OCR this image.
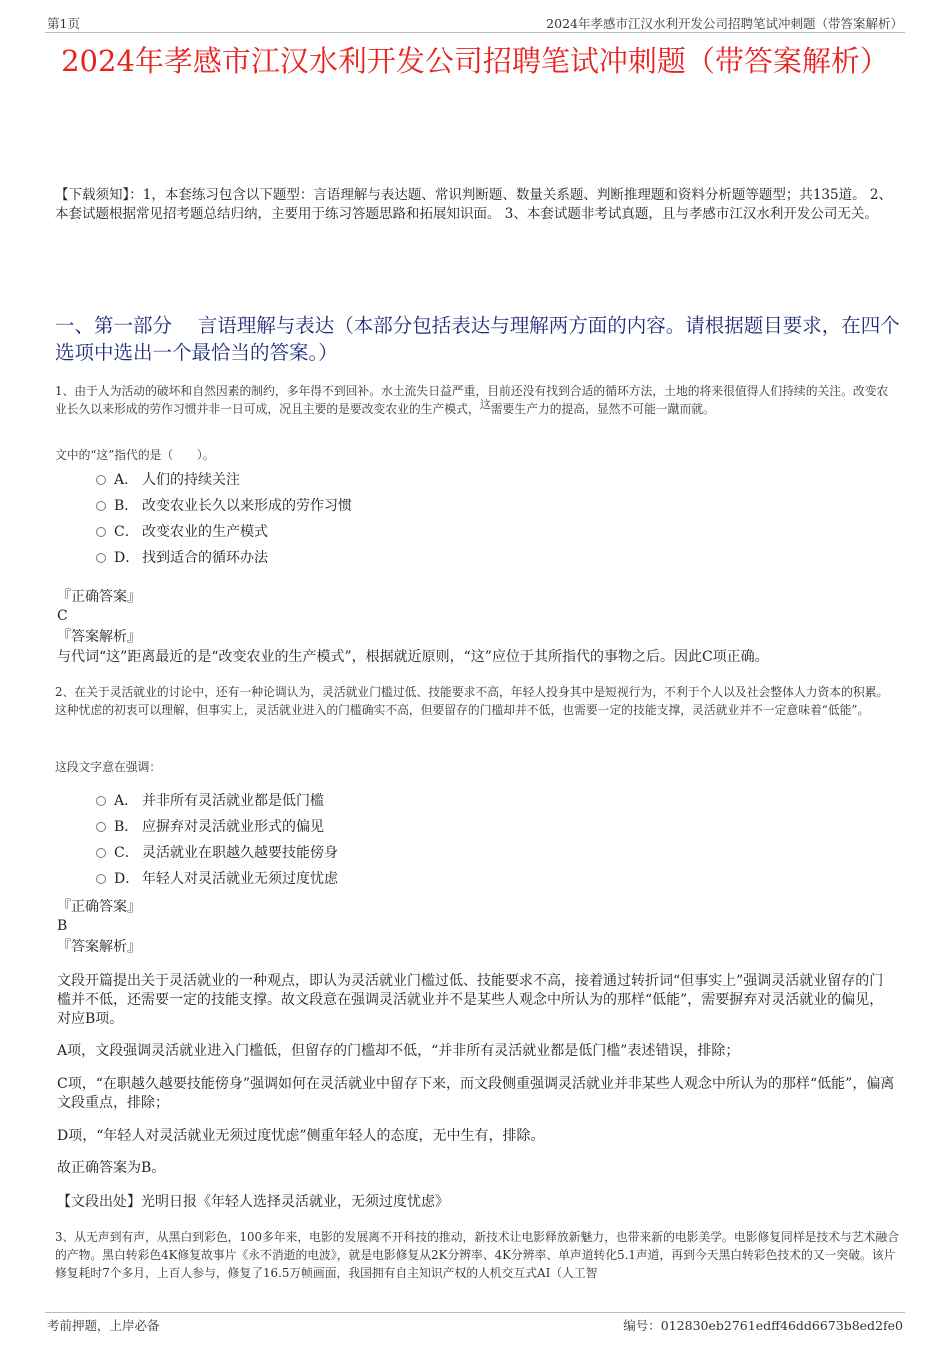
第1页	2024年孝感市江汉水利开发公司招聘笔试冲刺题（带答案解析）
2024年孝感市江汉水利开发公司招聘笔试冲刺题（带答案解析）
【下载须知】：1，本套练习包含以下题型：言语理解与表达题、常识判断题、数量关系题、判断推理题和资料分析题等题型；共135道。 2、本套试题根据常见招考题总结归纳，主要用于练习答题思路和拓展知识面。 3、本套试题非考试真题，且与孝感市江汉水利开发公司无关。
一、第一部分　 言语理解与表达（本部分包括表达与理解两方面的内容。请根据题目要求，在四个选项中选出一个最恰当的答案。）
1、由于人为活动的破坏和自然因素的制约，多年得不到回补。水土流失日益严重，目前还没有找到合适的循环方法，土地的将来很值得人们持续的关注。改变农业长久以来形成的劳作习惯并非一日可成，况且主要的是要改变农业的生产模式，这需要生产力的提高，显然不可能一蹴而就。
文中的“这”指代的是（　　）。
A． 人们的持续关注
B． 改变农业长久以来形成的劳作习惯
C． 改变农业的生产模式
D． 找到适合的循环办法
『正确答案』
C
『答案解析』
与代词“这”距离最近的是“改变农业的生产模式”，根据就近原则，“这”应位于其所指代的事物之后。因此C项正确。
2、在关于灵活就业的讨论中，还有一种论调认为，灵活就业门槛过低、技能要求不高，年轻人投身其中是短视行为，不利于个人以及社会整体人力资本的积累。这种忧虑的初衷可以理解，但事实上，灵活就业进入的门槛确实不高，但要留存的门槛却并不低，也需要一定的技能支撑，灵活就业并不一定意味着“低能”。
这段文字意在强调：
A． 并非所有灵活就业都是低门槛
B． 应摒弃对灵活就业形式的偏见
C． 灵活就业在职越久越要技能傍身
D． 年轻人对灵活就业无须过度忧虑
『正确答案』
B
『答案解析』
文段开篇提出关于灵活就业的一种观点，即认为灵活就业门槛过低、技能要求不高，接着通过转折词“但事实上”强调灵活就业留存的门槛并不低，还需要一定的技能支撑。故文段意在强调灵活就业并不是某些人观念中所认为的那样“低能”，需要摒弃对灵活就业的偏见，对应B项。
A项，文段强调灵活就业进入门槛低，但留存的门槛却不低，“并非所有灵活就业都是低门槛”表述错误，排除；
C项，“在职越久越要技能傍身”强调如何在灵活就业中留存下来，而文段侧重强调灵活就业并非某些人观念中所认为的那样“低能”，偏离文段重点，排除；
D项，“年轻人对灵活就业无须过度忧虑”侧重年轻人的态度，无中生有，排除。
故正确答案为B。
【文段出处】光明日报《年轻人选择灵活就业，无须过度忧虑》
3、从无声到有声，从黑白到彩色，100多年来，电影的发展离不开科技的推动，新技术让电影释放新魅力，也带来新的电影美学。电影修复同样是技术与艺术融合的产物。黑白转彩色4K修复故事片《永不消逝的电波》，就是电影修复从2K分辨率、4K分辨率、单声道转化5.1声道，再到今天黑白转彩色技术的又一突破。该片修复耗时7个多月，上百人参与，修复了16.5万帧画面，我国拥有自主知识产权的人机交互式AI（人工智
考前押题，上岸必备	编号：012830eb2761edff46dd6673b8ed2fe0
